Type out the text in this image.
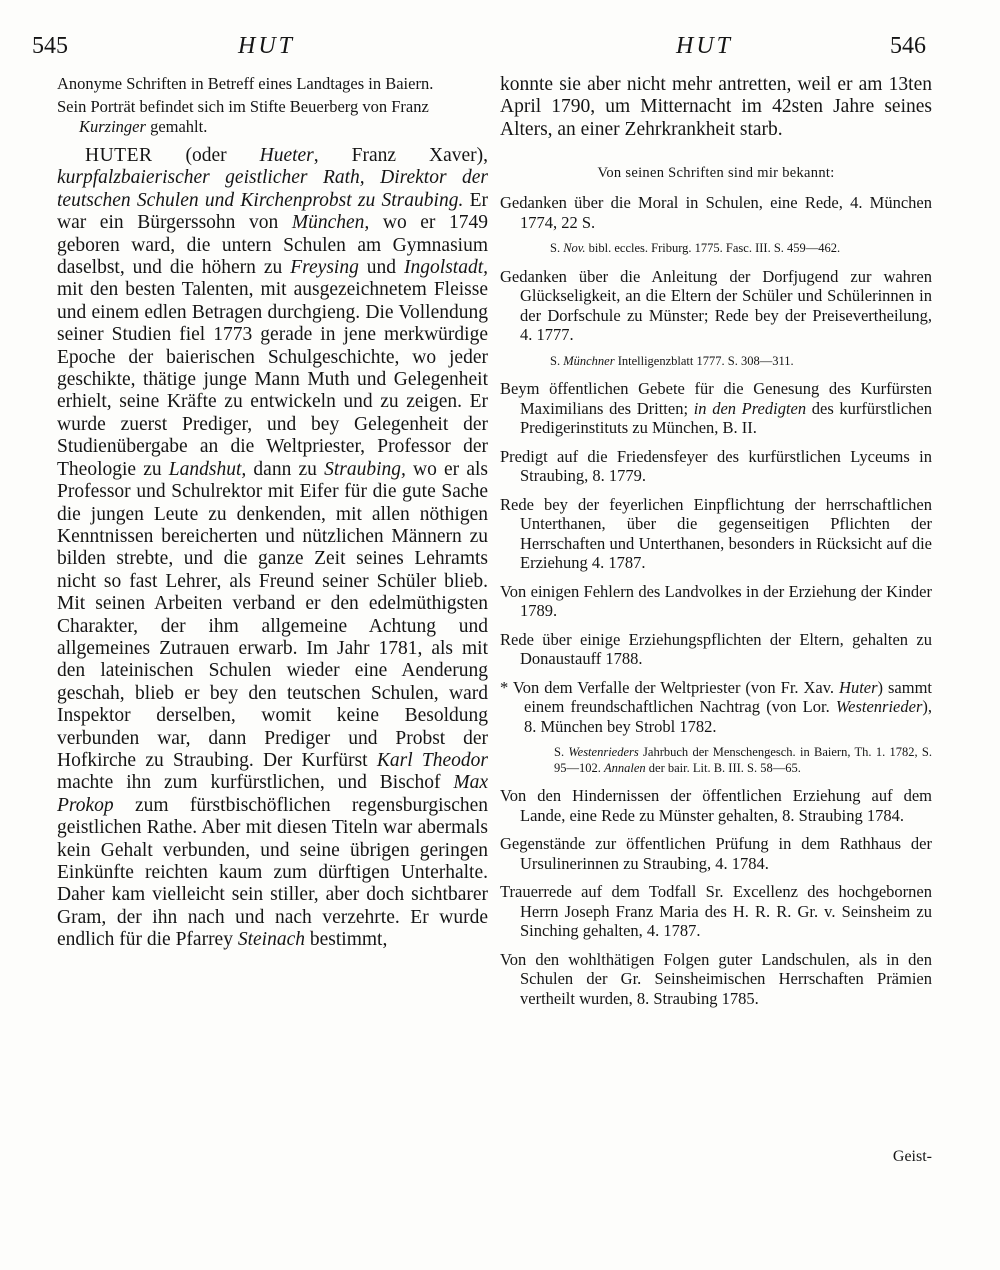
545	HUT	HUT	546

Anonyme Schriften in Betreff eines Landtages in Baiern.

Sein Porträt befindet sich im Stifte Beuerberg von Franz Kurzinger gemahlt.

HUTER (oder Hueter, Franz Xaver), kurpfalzbaierischer geistlicher Rath, Direktor der teutschen Schulen und Kirchenprobst zu Straubing. Er war ein Bürgerssohn von München, wo er 1749 geboren ward, die untern Schulen am Gymnasium daselbst, und die höhern zu Freysing und Ingolstadt, mit den besten Talenten, mit ausgezeichnetem Fleisse und einem edlen Betragen durchgieng. Die Vollendung seiner Studien fiel 1773 gerade in jene merkwürdige Epoche der baierischen Schulgeschichte, wo jeder geschikte, thätige junge Mann Muth und Gelegenheit erhielt, seine Kräfte zu entwickeln und zu zeigen. Er wurde zuerst Prediger, und bey Gelegenheit der Studienübergabe an die Weltpriester, Professor der Theologie zu Landshut, dann zu Straubing, wo er als Professor und Schulrektor mit Eifer für die gute Sache die jungen Leute zu denkenden, mit allen nöthigen Kenntnissen bereicherten und nützlichen Männern zu bilden strebte, und die ganze Zeit seines Lehramts nicht so fast Lehrer, als Freund seiner Schüler blieb. Mit seinen Arbeiten verband er den edelmüthigsten Charakter, der ihm allgemeine Achtung und allgemeines Zutrauen erwarb. Im Jahr 1781, als mit den lateinischen Schulen wieder eine Aenderung geschah, blieb er bey den teutschen Schulen, ward Inspektor derselben, womit keine Besoldung verbunden war, dann Prediger und Probst der Hofkirche zu Straubing. Der Kurfürst Karl Theodor machte ihn zum kurfürstlichen, und Bischof Max Prokop zum fürstbischöflichen regensburgischen geistlichen Rathe. Aber mit diesen Titeln war abermals kein Gehalt verbunden, und seine übrigen geringen Einkünfte reichten kaum zum dürftigen Unterhalte. Daher kam vielleicht sein stiller, aber doch sichtbarer Gram, der ihn nach und nach verzehrte. Er wurde endlich für die Pfarrey Steinach bestimmt,

konnte sie aber nicht mehr antretten, weil er am 13ten April 1790, um Mitternacht im 42sten Jahre seines Alters, an einer Zehrkrankheit starb.

Von seinen Schriften sind mir bekannt:

Gedanken über die Moral in Schulen, eine Rede, 4. München 1774, 22 S.

S. Nov. bibl. eccles. Friburg. 1775. Fasc. III. S. 459—462.

Gedanken über die Anleitung der Dorfjugend zur wahren Glückseligkeit, an die Eltern der Schüler und Schülerinnen in der Dorfschule zu Münster; Rede bey der Preisevertheilung, 4. 1777.

S. Münchner Intelligenzblatt 1777. S. 308—311.

Beym öffentlichen Gebete für die Genesung des Kurfürsten Maximilians des Dritten; in den Predigten des kurfürstlichen Predigerinstituts zu München, B. II.

Predigt auf die Friedensfeyer des kurfürstlichen Lyceums in Straubing, 8. 1779.

Rede bey der feyerlichen Einpflichtung der herrschaftlichen Unterthanen, über die gegenseitigen Pflichten der Herrschaften und Unterthanen, besonders in Rücksicht auf die Erziehung 4. 1787.

Von einigen Fehlern des Landvolkes in der Erziehung der Kinder 1789.

Rede über einige Erziehungspflichten der Eltern, gehalten zu Donaustauff 1788.

* Von dem Verfalle der Weltpriester (von Fr. Xav. Huter) sammt einem freundschaftlichen Nachtrag (von Lor. Westenrieder), 8. München bey Strobl 1782.

S. Westenrieders Jahrbuch der Menschengesch. in Baiern, Th. 1. 1782, S. 95—102. Annalen der bair. Lit. B. III. S. 58—65.

Von den Hindernissen der öffentlichen Erziehung auf dem Lande, eine Rede zu Münster gehalten, 8. Straubing 1784.

Gegenstände zur öffentlichen Prüfung in dem Rathhaus der Ursulinerinnen zu Straubing, 4. 1784.

Trauerrede auf dem Todfall Sr. Excellenz des hochgebornen Herrn Joseph Franz Maria des H. R. R. Gr. v. Seinsheim zu Sinching gehalten, 4. 1787.

Von den wohlthätigen Folgen guter Landschulen, als in den Schulen der Gr. Seinsheimischen Herrschaften Prämien vertheilt wurden, 8. Straubing 1785.

Geist-
